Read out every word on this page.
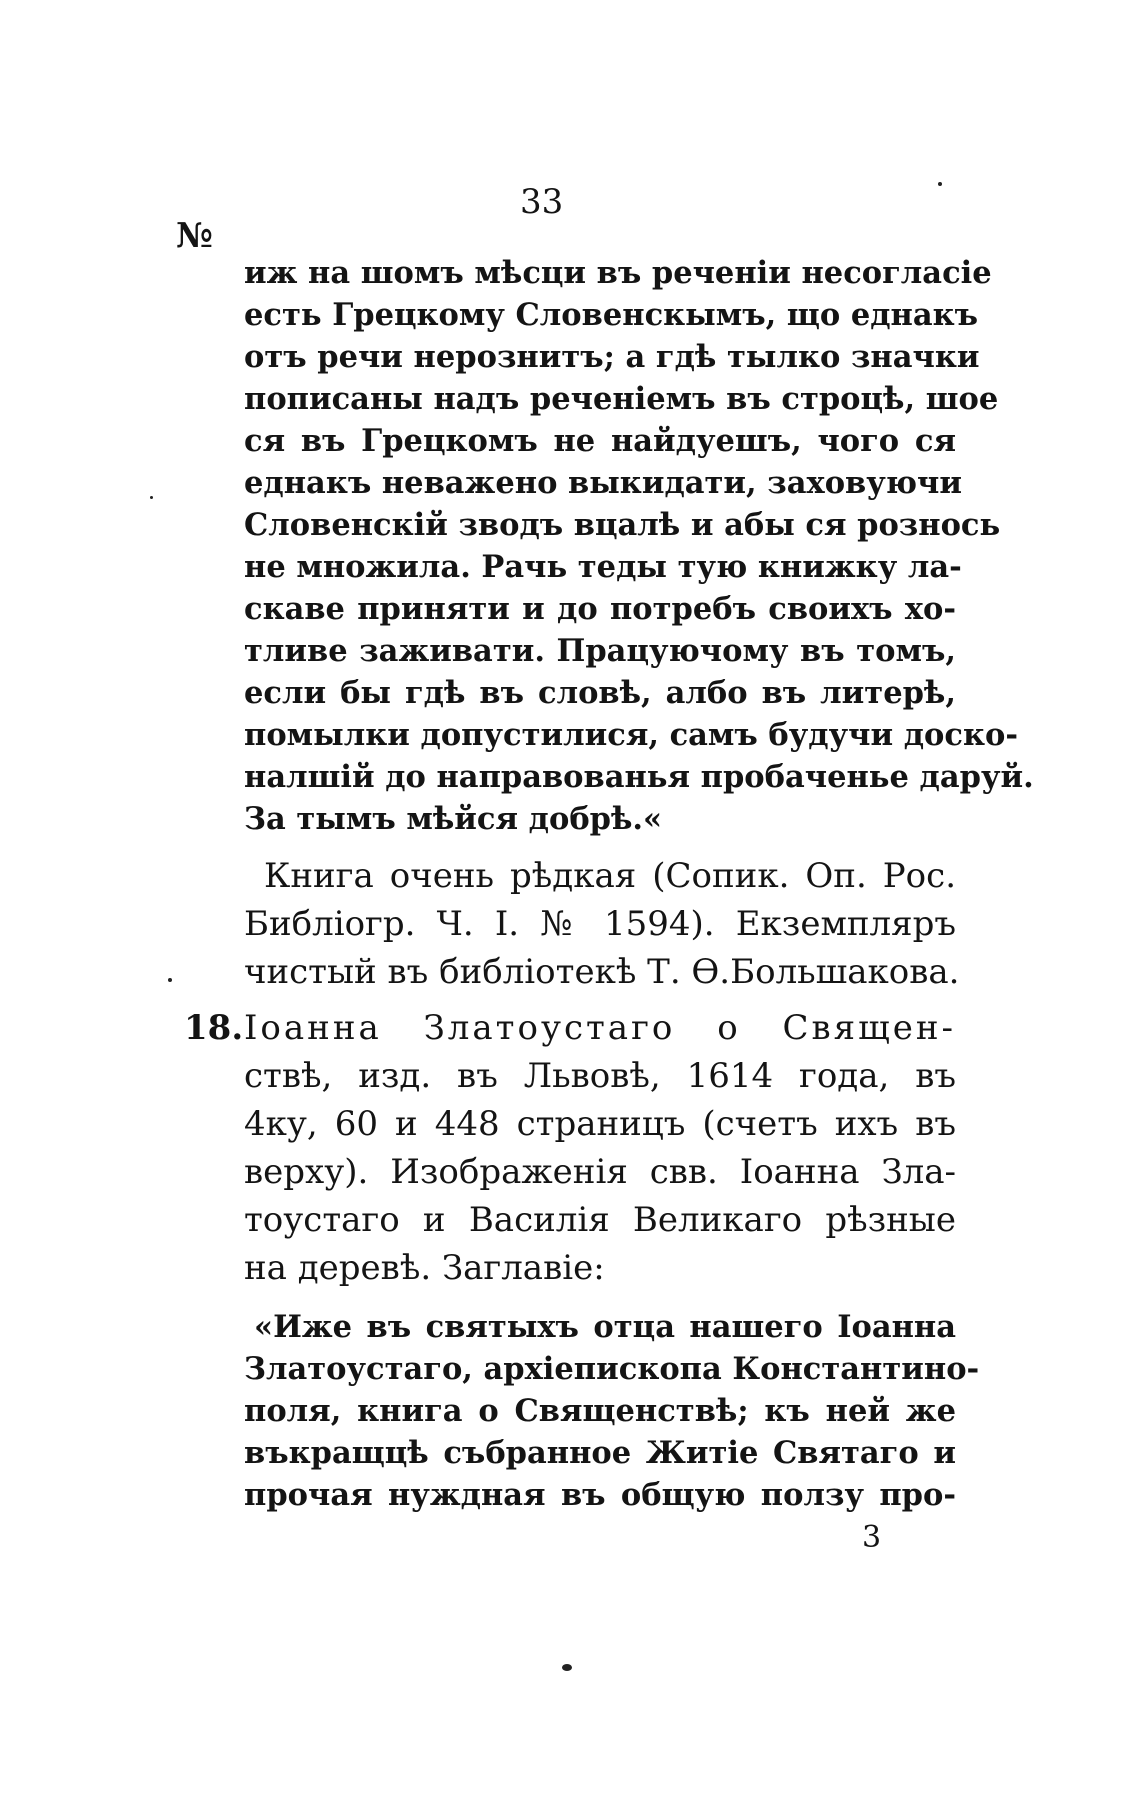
33
№
иж нa шомъ мѣсци въ реченіи несогласіе
есть Грецкому Словенскымъ, що еднакъ
отъ речи нерознитъ; а гдѣ тылко значки
пописаны надъ реченіемъ въ строцѣ, шое
ся въ Грецкомъ не найдуешъ, чого ся
еднакъ неважено выкидати, заховуючи
Словенскій зводъ вцалѣ и абы ся рознось
не множила. Рачь теды тую книжку ла-
скаве приняти и до потребъ своихъ хо-
тливе заживати. Працуючому въ томъ,
если бы гдѣ въ словѣ, албо въ литерѣ,
помылки допустилися, самъ будучи доско-
налшій до направованья пробаченье даруй.
За тымъ мѣйся добрѣ.«
Книга очень рѣдкая (Сопик. Оп. Рос.
Библіогр. Ч. I. № 1594). Екземпляръ
чистый въ библіотекѣ Т. Ѳ.Большакова.
18. Іоанна Златоустаго о Священ-
ствѣ, изд. въ Львовѣ, 1614 года, въ
4ку, 60 и 448 страницъ (счетъ ихъ въ
верху). Изображенія свв. Іоанна Зла-
тоустаго и Василія Великаго рѣзные
на деревѣ. Заглавіе:
«Иже въ святыхъ отца нашего Іоанна
Златоустаго, архіепископа Константино-
поля, книга о Священствѣ; къ ней же
въкращцѣ събранное Житіе Святаго и
прочая нуждная въ общую ползу про-
3
